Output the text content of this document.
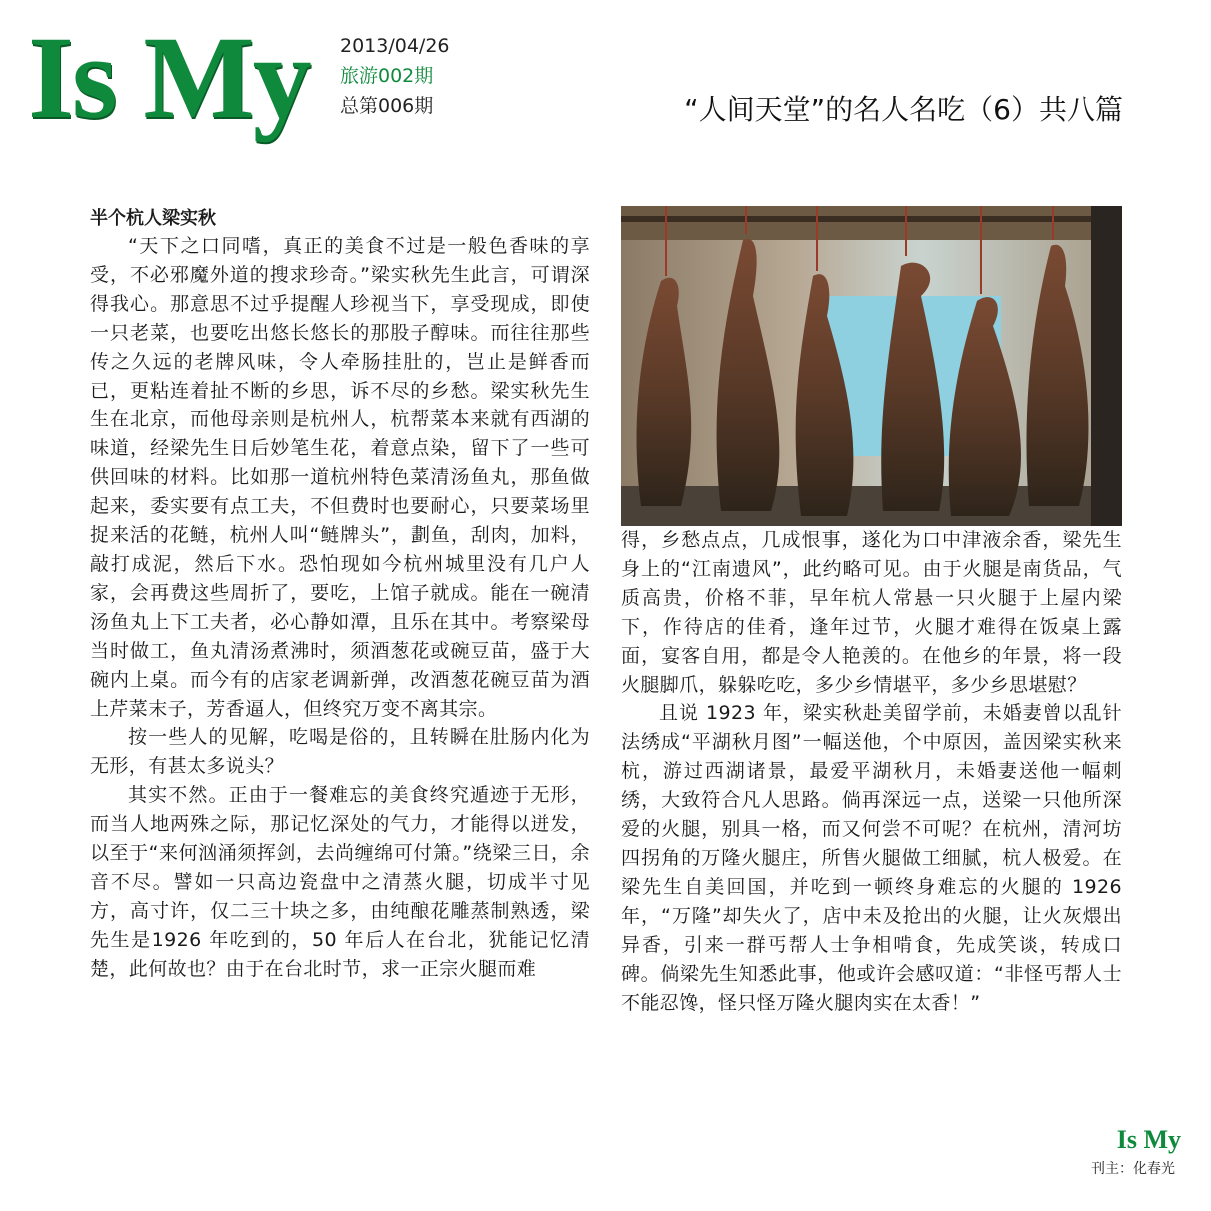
Is My 2013/04/26
旅游002期
总第006期	“人间天堂”的名人名吃（6）共八篇
半个杭人梁实秋

“天下之口同嗜，真正的美食不过是一般色香味的享受，不必邪魔外道的搜求珍奇。”梁实秋先生此言，可谓深得我心。那意思不过乎提醒人珍视当下，享受现成，即使一只老菜，也要吃出悠长悠长的那股子醇味。而往往那些传之久远的老牌风味，令人牵肠挂肚的，岂止是鲜香而已，更粘连着扯不断的乡思，诉不尽的乡愁。梁实秋先生生在北京，而他母亲则是杭州人，杭帮菜本来就有西湖的味道，经梁先生日后妙笔生花，着意点染，留下了一些可供回味的材料。比如那一道杭州特色菜清汤鱼丸，那鱼做起来，委实要有点工夫，不但费时也要耐心，只要菜场里捉来活的花鲢，杭州人叫“鲢牌头”，劃鱼，刮肉，加料，敲打成泥，然后下水。恐怕现如今杭州城里没有几户人家，会再费这些周折了，要吃，上馆子就成。能在一碗清汤鱼丸上下工夫者，必心静如潭，且乐在其中。考察梁母当时做工，鱼丸清汤煮沸时，须酒葱花或碗豆苗，盛于大碗内上桌。而今有的店家老调新弹，改酒葱花碗豆苗为酒上芹菜末子，芳香逼人，但终究万变不离其宗。

按一些人的见解，吃喝是俗的，且转瞬在肚肠内化为无形，有甚太多说头？

其实不然。正由于一餐难忘的美食终究遁迹于无形，而当人地两殊之际，那记忆深处的气力，才能得以迸发，以至于“来何汹涌须挥剑，去尚缠绵可付箫。”绕梁三日，余音不尽。譬如一只高边瓷盘中之清蒸火腿，切成半寸见方，高寸许，仅二三十块之多，由纯酿花雕蒸制熟透，梁先生是1926 年吃到的，50 年后人在台北，犹能记忆清楚，此何故也？由于在台北时节，求一正宗火腿而难

得，乡愁点点，几成恨事，遂化为口中津液余香，梁先生身上的“江南遗风”，此约略可见。由于火腿是南货品，气质高贵，价格不菲，早年杭人常悬一只火腿于上屋内梁下，作待店的佳肴，逢年过节，火腿才难得在饭桌上露面，宴客自用，都是令人艳羡的。在他乡的年景，将一段火腿脚爪，躲躲吃吃，多少乡情堪平，多少乡思堪慰？

且说 1923 年，梁实秋赴美留学前，未婚妻曾以乱针法绣成“平湖秋月图”一幅送他，个中原因，盖因梁实秋来杭，游过西湖诸景，最爱平湖秋月，未婚妻送他一幅刺绣，大致符合凡人思路。倘再深远一点，送梁一只他所深爱的火腿，别具一格，而又何尝不可呢？在杭州，清河坊四拐角的万隆火腿庄，所售火腿做工细腻，杭人极爱。在梁先生自美回国，并吃到一顿终身难忘的火腿的 1926 年，“万隆”却失火了，店中未及抢出的火腿，让火灰煨出异香，引来一群丐帮人士争相啃食，先成笑谈，转成口碑。倘梁先生知悉此事，他或许会感叹道：“非怪丐帮人士不能忍馋，怪只怪万隆火腿肉实在太香！”

Is My
刊主：化春光
